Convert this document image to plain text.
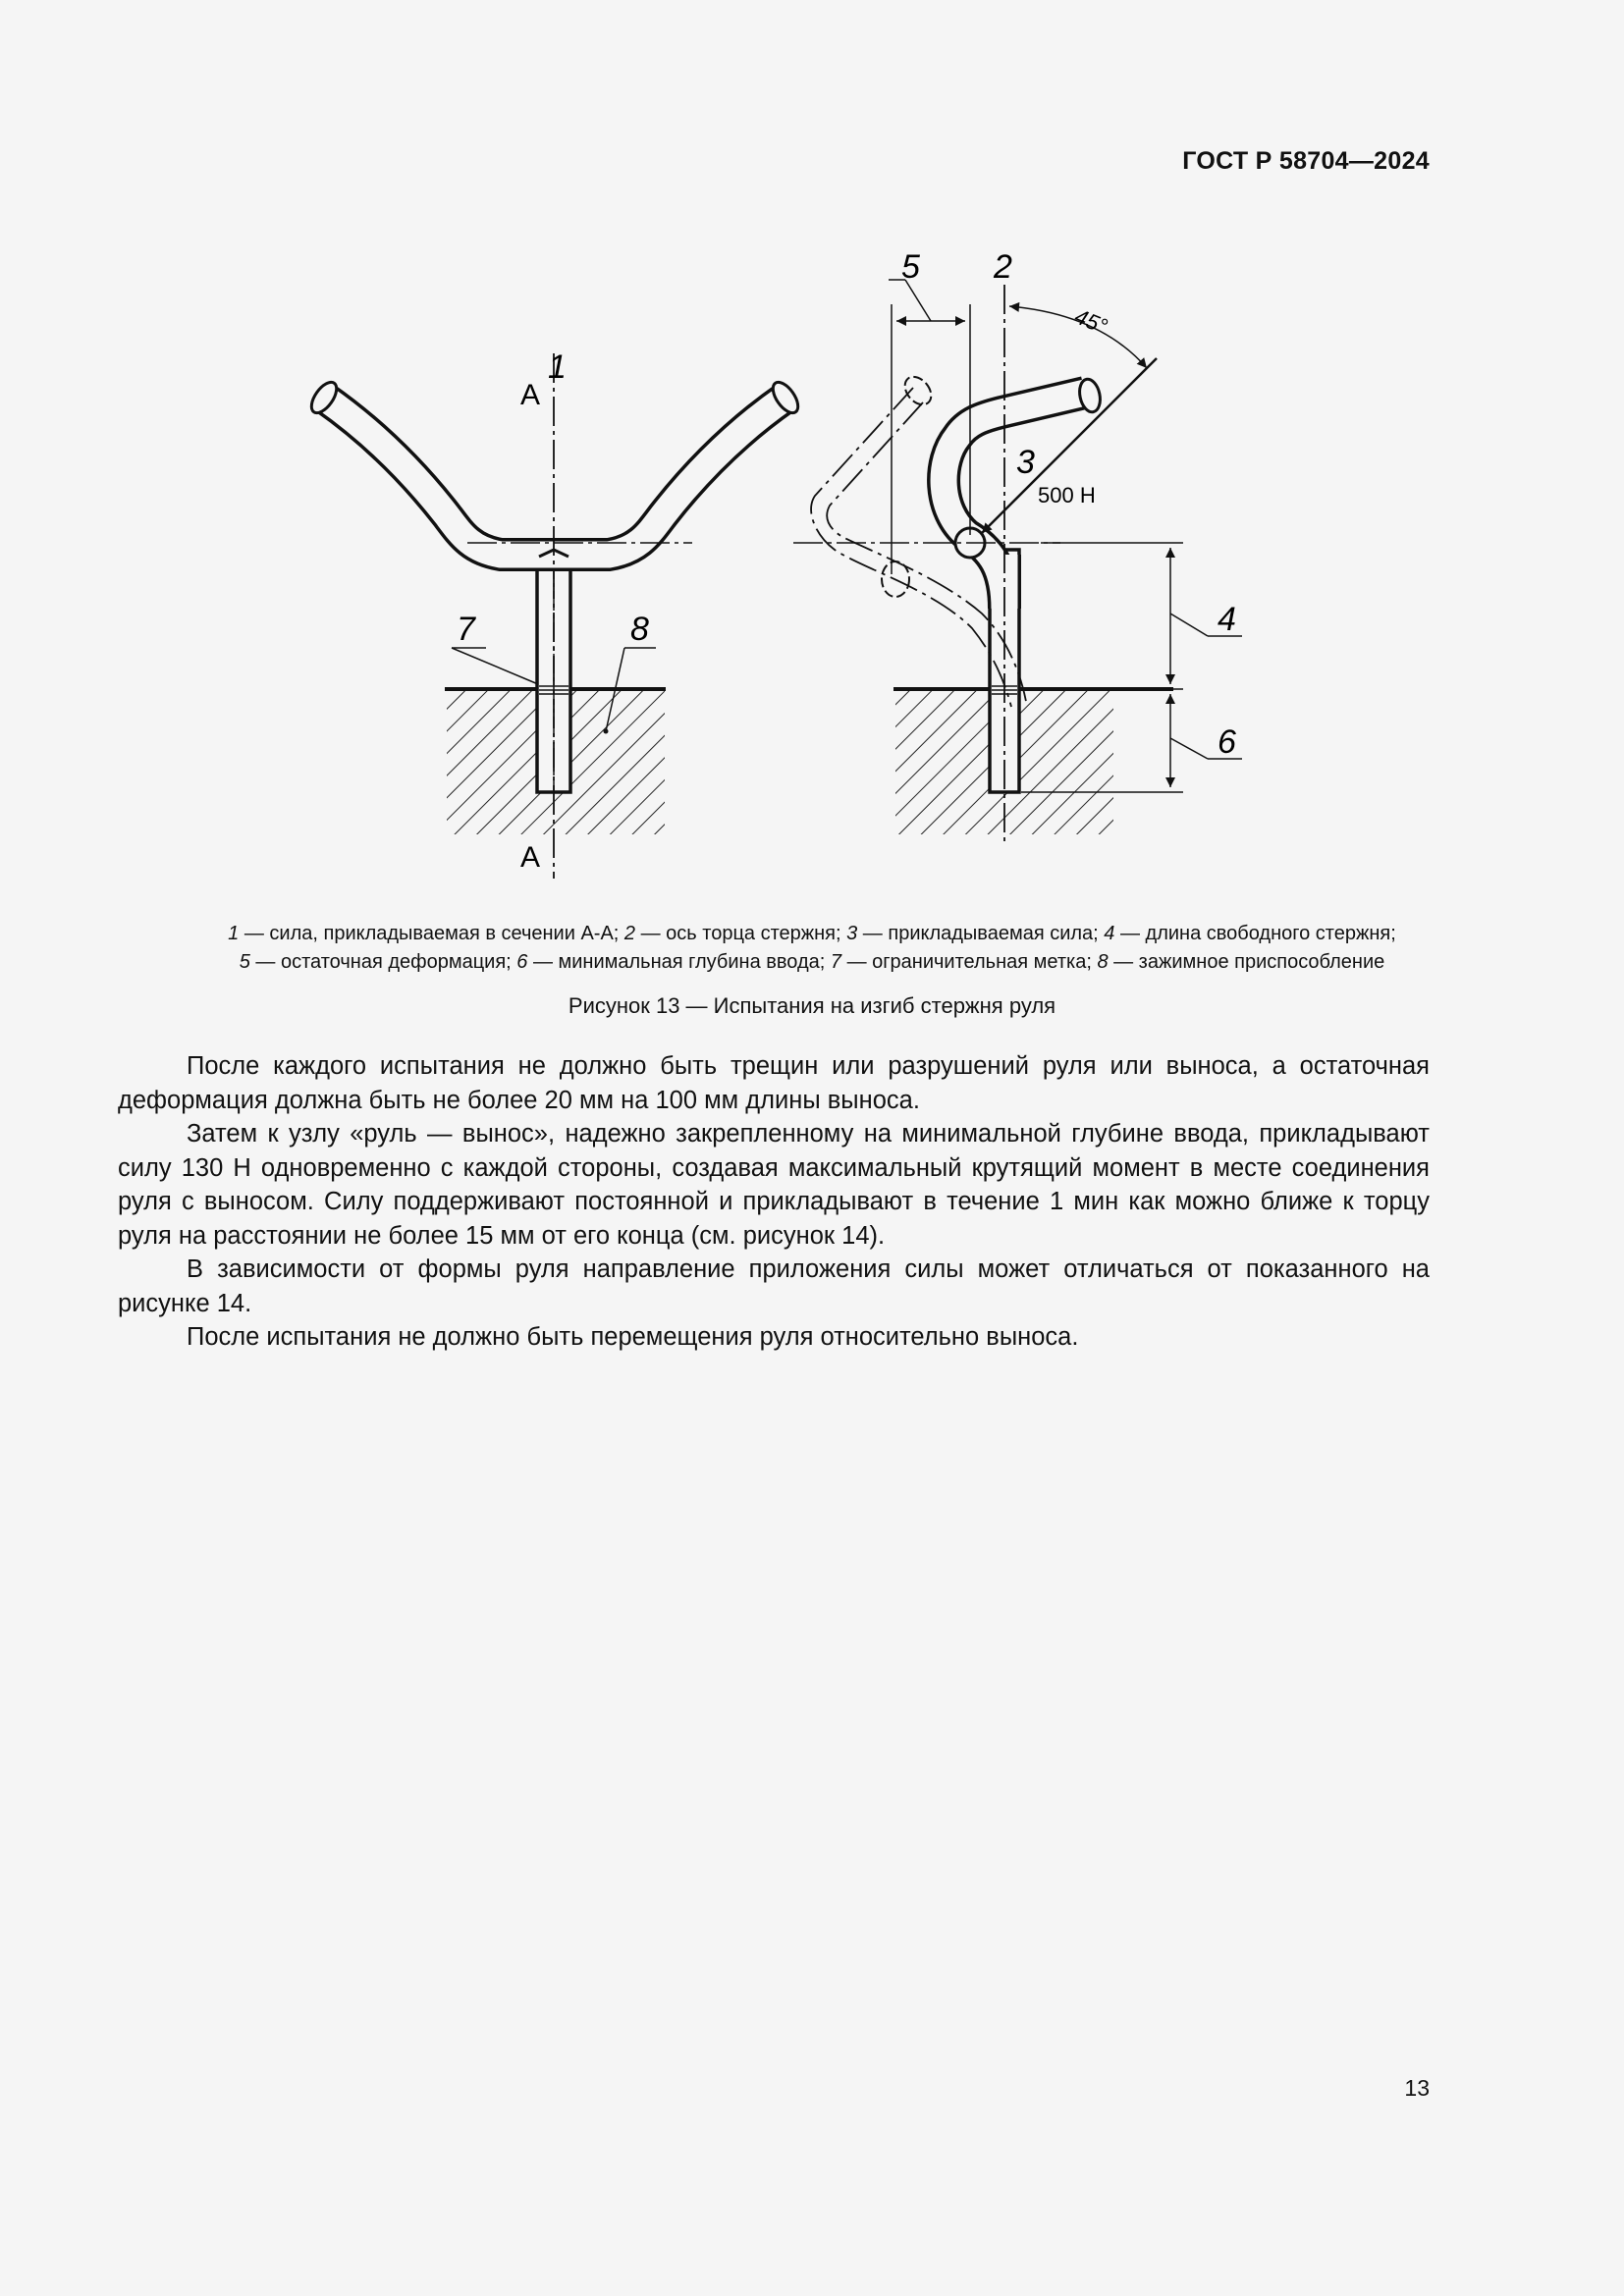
ГОСТ Р 58704—2024
1
A
A
7	8
5 2
45°
3
500 Н
4
6
1 — сила, прикладываемая в сечении А-А; 2 — ось торца стержня; 3 — прикладываемая сила; 4 — длина свободного стержня;
5 — остаточная деформация; 6 — минимальная глубина ввода; 7 — ограничительная метка; 8 — зажимное приспособление
Рисунок 13 — Испытания на изгиб стержня руля

После каждого испытания не должно быть трещин или разрушений руля или выноса, а остаточная деформация должна быть не более 20 мм на 100 мм длины выноса.

Затем к узлу «руль — вынос», надежно закрепленному на минимальной глубине ввода, прикладывают силу 130 Н одновременно с каждой стороны, создавая максимальный крутящий момент в месте соединения руля с выносом. Силу поддерживают постоянной и прикладывают в течение 1 мин как можно ближе к торцу руля на расстоянии не более 15 мм от его конца (см. рисунок 14).

В зависимости от формы руля направление приложения силы может отличаться от показанного на рисунке 14.

После испытания не должно быть перемещения руля относительно выноса.

13
